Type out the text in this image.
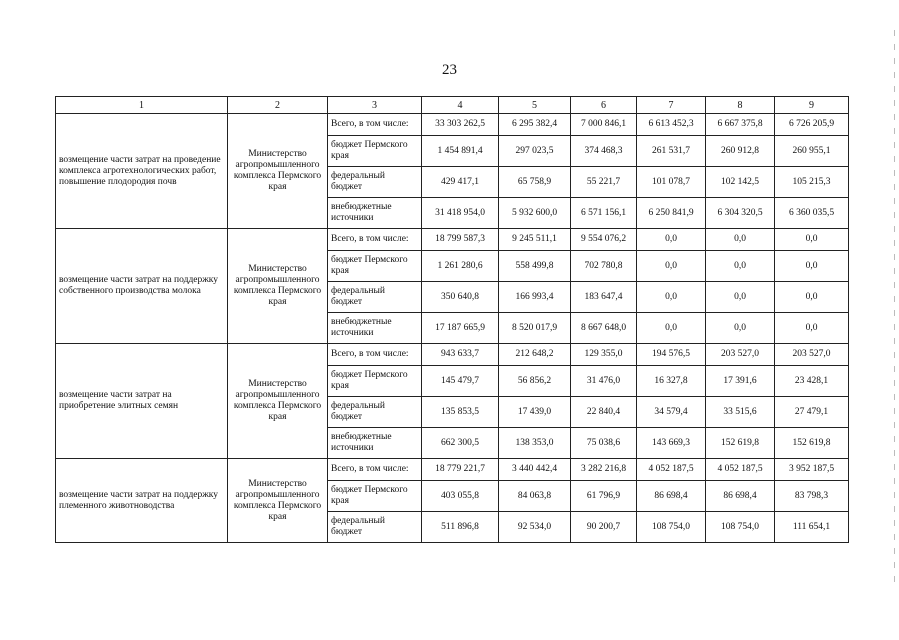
23
1	2	3	4	5	6	7	8	9
возмещение части затрат на проведение комплекса агротехнологических работ, повышение плодородия почв	Министерство агропромышленного комплекса Пермского края	Всего, в том числе:	33 303 262,5	6 295 382,4	7 000 846,1	6 613 452,3	6 667 375,8	6 726 205,9
		бюджет Пермского края	1 454 891,4	297 023,5	374 468,3	261 531,7	260 912,8	260 955,1
		федеральный бюджет	429 417,1	65 758,9	55 221,7	101 078,7	102 142,5	105 215,3
		внебюджетные источники	31 418 954,0	5 932 600,0	6 571 156,1	6 250 841,9	6 304 320,5	6 360 035,5
возмещение части затрат на поддержку собственного производства молока	Министерство агропромышленного комплекса Пермского края	Всего, в том числе:	18 799 587,3	9 245 511,1	9 554 076,2	0,0	0,0	0,0
		бюджет Пермского края	1 261 280,6	558 499,8	702 780,8	0,0	0,0	0,0
		федеральный бюджет	350 640,8	166 993,4	183 647,4	0,0	0,0	0,0
		внебюджетные источники	17 187 665,9	8 520 017,9	8 667 648,0	0,0	0,0	0,0
возмещение части затрат на приобретение элитных семян	Министерство агропромышленного комплекса Пермского края	Всего, в том числе:	943 633,7	212 648,2	129 355,0	194 576,5	203 527,0	203 527,0
		бюджет Пермского края	145 479,7	56 856,2	31 476,0	16 327,8	17 391,6	23 428,1
		федеральный бюджет	135 853,5	17 439,0	22 840,4	34 579,4	33 515,6	27 479,1
		внебюджетные источники	662 300,5	138 353,0	75 038,6	143 669,3	152 619,8	152 619,8
возмещение части затрат на поддержку племенного животноводства	Министерство агропромышленного комплекса Пермского края	Всего, в том числе:	18 779 221,7	3 440 442,4	3 282 216,8	4 052 187,5	4 052 187,5	3 952 187,5
		бюджет Пермского края	403 055,8	84 063,8	61 796,9	86 698,4	86 698,4	83 798,3
		федеральный бюджет	511 896,8	92 534,0	90 200,7	108 754,0	108 754,0	111 654,1
